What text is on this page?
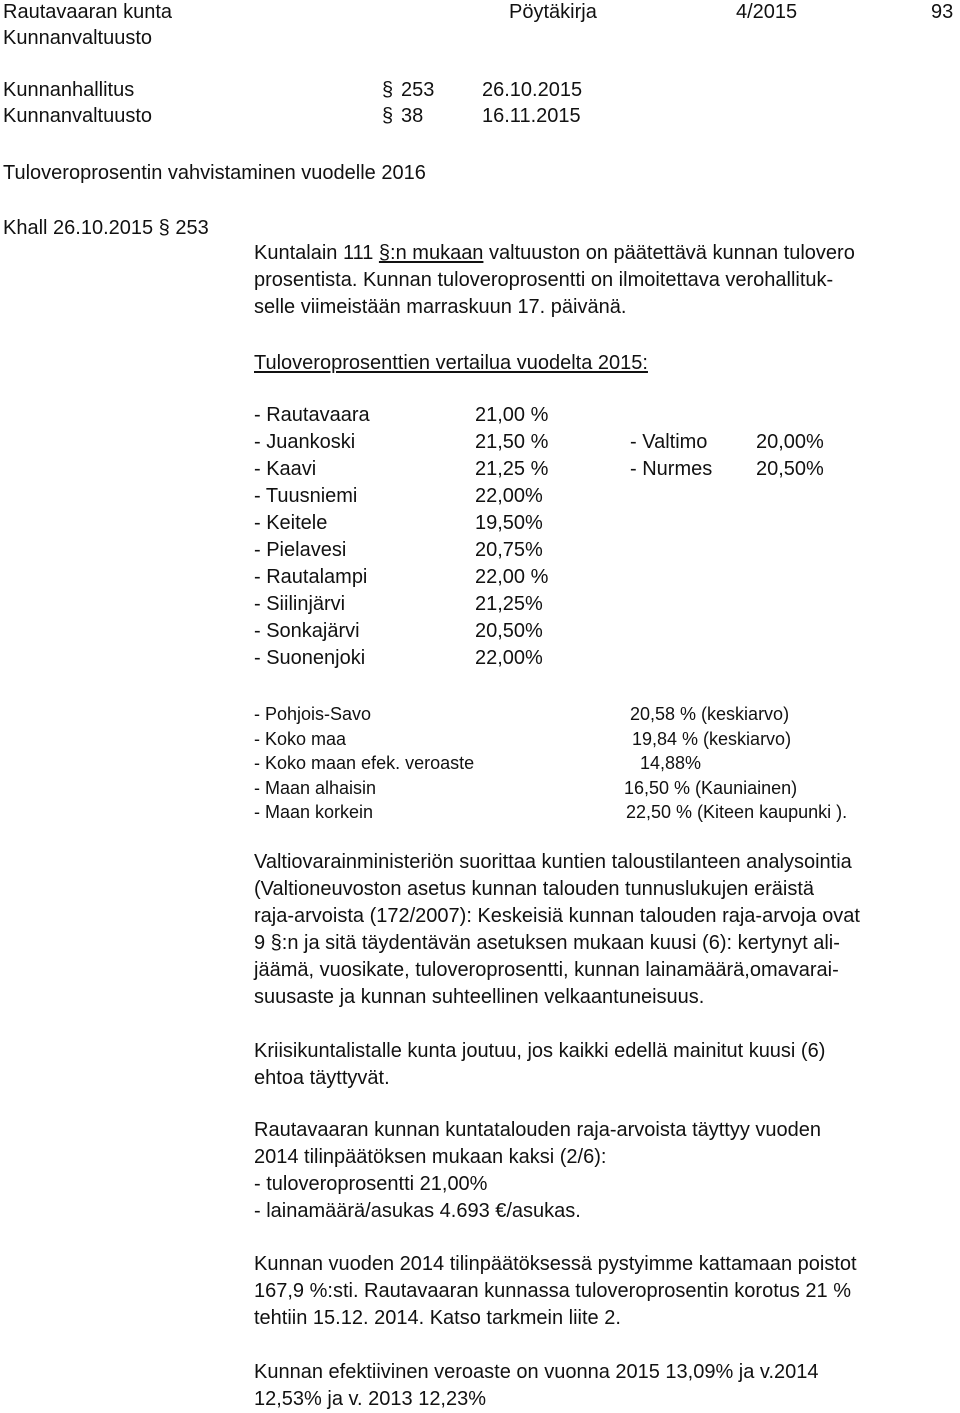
Rautavaaran kunta
Kunnanvaltuusto
Pöytäkirja	4/2015	93
Kunnanhallitus	§ 253 26.10.2015
Kunnanvaltuusto	§ 38	16.11.2015
Tuloveroprosentin vahvistaminen vuodelle 2016
Khall 26.10.2015 § 253
Kuntalain 111 §:n mukaan valtuuston on päätettävä kunnan tulovero
prosentista. Kunnan tuloveroprosentti on ilmoitettava verohallituk-
selle viimeistään marraskuun 17. päivänä.
Tuloveroprosenttien vertailua vuodelta 2015:
- Rautavaara	21,00 %
- Juankoski	21,50 %	- Valtimo 20,00%
- Kaavi	21,25 %	- Nurmes 20,50%
- Tuusniemi	22,00%
- Keitele	19,50%
- Pielavesi	20,75%
- Rautalampi	22,00 %
- Siilinjärvi	21,25%
- Sonkajärvi	20,50%
- Suonenjoki	22,00%
- Pohjois-Savo	20,58 % (keskiarvo)
- Koko maa	19,84 % (keskiarvo)
- Koko maan efek. veroaste	14,88%
- Maan alhaisin	16,50 % (Kauniainen)
- Maan korkein	22,50 % (Kiteen kaupunki ).
Valtiovarainministeriön suorittaa kuntien taloustilanteen analysointia
(Valtioneuvoston asetus kunnan talouden tunnuslukujen eräistä
raja-arvoista (172/2007): Keskeisiä kunnan talouden raja-arvoja ovat
9 §:n ja sitä täydentävän asetuksen mukaan kuusi (6): kertynyt ali-
jäämä, vuosikate, tuloveroprosentti, kunnan lainamäärä,omavarai-
suusaste ja kunnan suhteellinen velkaantuneisuus.
Kriisikuntalistalle kunta joutuu, jos kaikki edellä mainitut kuusi (6)
ehtoa täyttyvät.
Rautavaaran kunnan kuntatalouden raja-arvoista täyttyy vuoden
2014 tilinpäätöksen mukaan kaksi (2/6):
- tuloveroprosentti 21,00%
- lainamäärä/asukas 4.693 €/asukas.
Kunnan vuoden 2014 tilinpäätöksessä pystyimme kattamaan poistot
167,9 %:sti. Rautavaaran kunnassa tuloveroprosentin korotus 21 %
tehtiin 15.12. 2014. Katso tarkmein liite 2.
Kunnan efektiivinen veroaste on vuonna 2015 13,09% ja v.2014
12,53% ja v. 2013 12,23%
